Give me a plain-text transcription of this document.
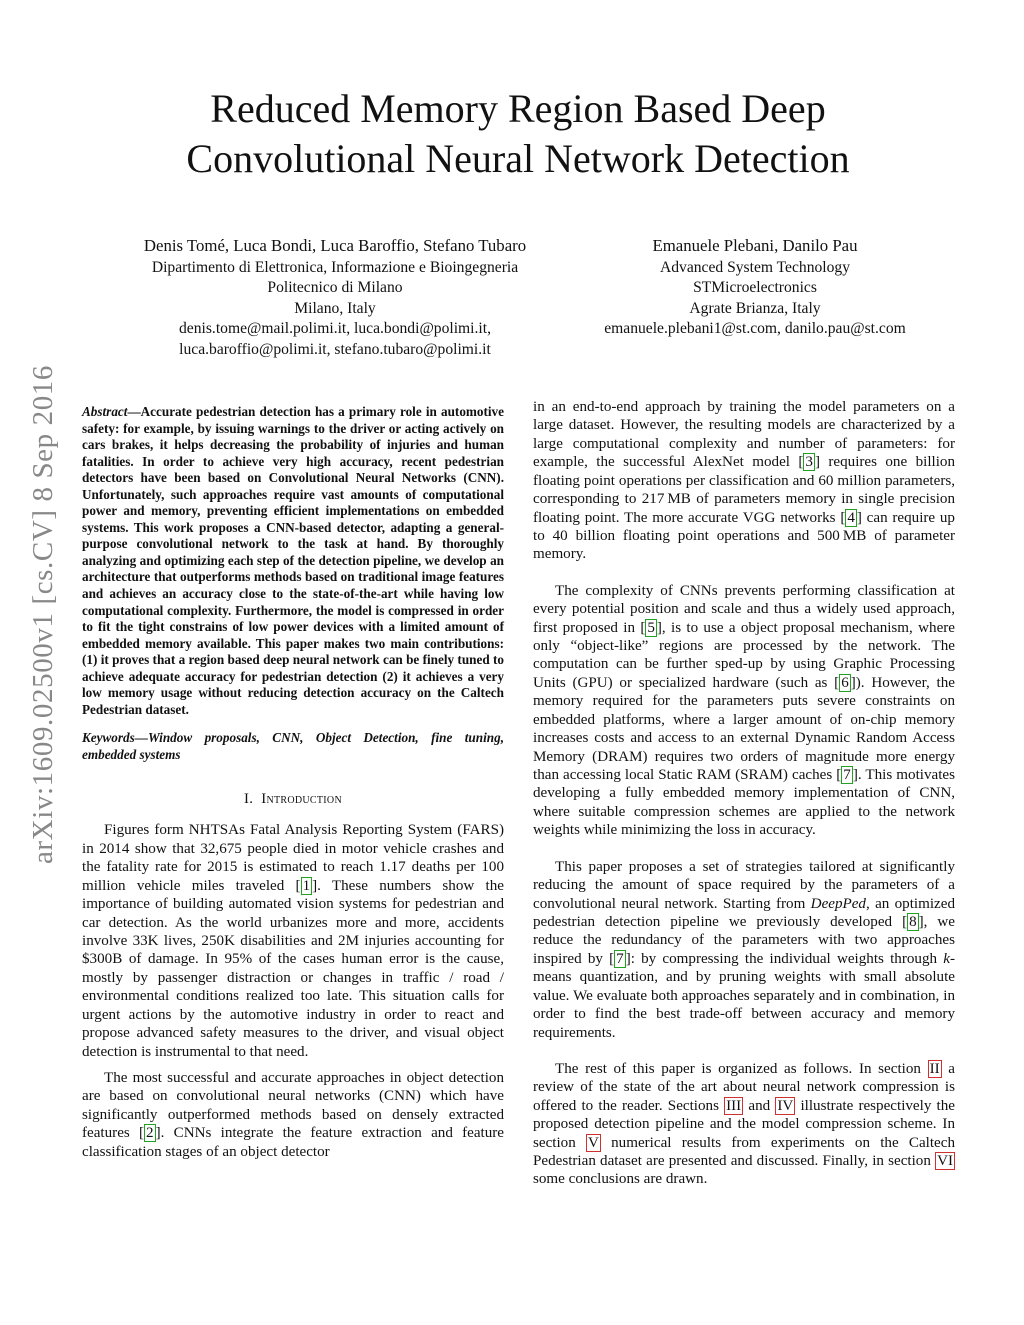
arXiv:1609.02500v1 [cs.CV] 8 Sep 2016
Reduced Memory Region Based Deep
Convolutional Neural Network Detection
Denis Tomé, Luca Bondi, Luca Baroffio, Stefano Tubaro
Dipartimento di Elettronica, Informazione e Bioingegneria
Politecnico di Milano
Milano, Italy
denis.tome@mail.polimi.it, luca.bondi@polimi.it,
luca.baroffio@polimi.it, stefano.tubaro@polimi.it
Emanuele Plebani, Danilo Pau
Advanced System Technology
STMicroelectronics
Agrate Brianza, Italy
emanuele.plebani1@st.com, danilo.pau@st.com

Abstract—Accurate pedestrian detection has a primary role in automotive safety: for example, by issuing warnings to the driver or acting actively on cars brakes, it helps decreasing the probability of injuries and human fatalities. In order to achieve very high accuracy, recent pedestrian detectors have been based on Convolutional Neural Networks (CNN). Unfortunately, such approaches require vast amounts of computational power and memory, preventing efficient implementations on embedded systems. This work proposes a CNN-based detector, adapting a general-purpose convolutional network to the task at hand. By thoroughly analyzing and optimizing each step of the detection pipeline, we develop an architecture that outperforms methods based on traditional image features and achieves an accuracy close to the state-of-the-art while having low computational complexity. Furthermore, the model is compressed in order to fit the tight constrains of low power devices with a limited amount of embedded memory available. This paper makes two main contributions: (1) it proves that a region based deep neural network can be finely tuned to achieve adequate accuracy for pedestrian detection (2) it achieves a very low memory usage without reducing detection accuracy on the Caltech Pedestrian dataset.

Keywords—Window proposals, CNN, Object Detection, fine tuning, embedded systems

I. Introduction

Figures form NHTSAs Fatal Analysis Reporting System (FARS) in 2014 show that 32,675 people died in motor vehicle crashes and the fatality rate for 2015 is estimated to reach 1.17 deaths per 100 million vehicle miles traveled [ 1 ]. These numbers show the importance of building automated vision systems for pedestrian and car detection. As the world urbanizes more and more, accidents involve 33K lives, 250K disabilities and 2M injuries accounting for $300B of damage. In 95% of the cases human error is the cause, mostly by passenger distraction or changes in traffic / road / environmental conditions realized too late. This situation calls for urgent actions by the automotive industry in order to react and propose advanced safety measures to the driver, and visual object detection is instrumental to that need.

The most successful and accurate approaches in object detection are based on convolutional neural networks (CNN) which have significantly outperformed methods based on densely extracted features [ 2 ]. CNNs integrate the feature extraction and feature classification stages of an object detector

in an end-to-end approach by training the model parameters on a large dataset. However, the resulting models are characterized by a large computational complexity and number of parameters: for example, the successful AlexNet model [ 3 ] requires one billion floating point operations per classification and 60 million parameters, corresponding to 217 MB of parameters memory in single precision floating point. The more accurate VGG networks [ 4 ] can require up to 40 billion floating point operations and 500 MB of parameter memory.

The complexity of CNNs prevents performing classification at every potential position and scale and thus a widely used approach, first proposed in [ 5 ], is to use a object proposal mechanism, where only “object-like” regions are processed by the network. The computation can be further sped-up by using Graphic Processing Units (GPU) or specialized hardware (such as [ 6 ]). However, the memory required for the parameters puts severe constraints on embedded platforms, where a larger amount of on-chip memory increases costs and access to an external Dynamic Random Access Memory (DRAM) requires two orders of magnitude more energy than accessing local Static RAM (SRAM) caches [ 7 ]. This motivates developing a fully embedded memory implementation of CNN, where suitable compression schemes are applied to the network weights while minimizing the loss in accuracy.

This paper proposes a set of strategies tailored at significantly reducing the amount of space required by the parameters of a convolutional neural network. Starting from DeepPed, an optimized pedestrian detection pipeline we previously developed [ 8 ], we reduce the redundancy of the parameters with two approaches inspired by [ 7 ]: by compressing the individual weights through k-means quantization, and by pruning weights with small absolute value. We evaluate both approaches separately and in combination, in order to find the best trade-off between accuracy and memory requirements.

The rest of this paper is organized as follows. In section II a review of the state of the art about neural network compression is offered to the reader. Sections III and IV illustrate respectively the proposed detection pipeline and the model compression scheme. In section V numerical results from experiments on the Caltech Pedestrian dataset are presented and discussed. Finally, in section VI some conclusions are drawn.
